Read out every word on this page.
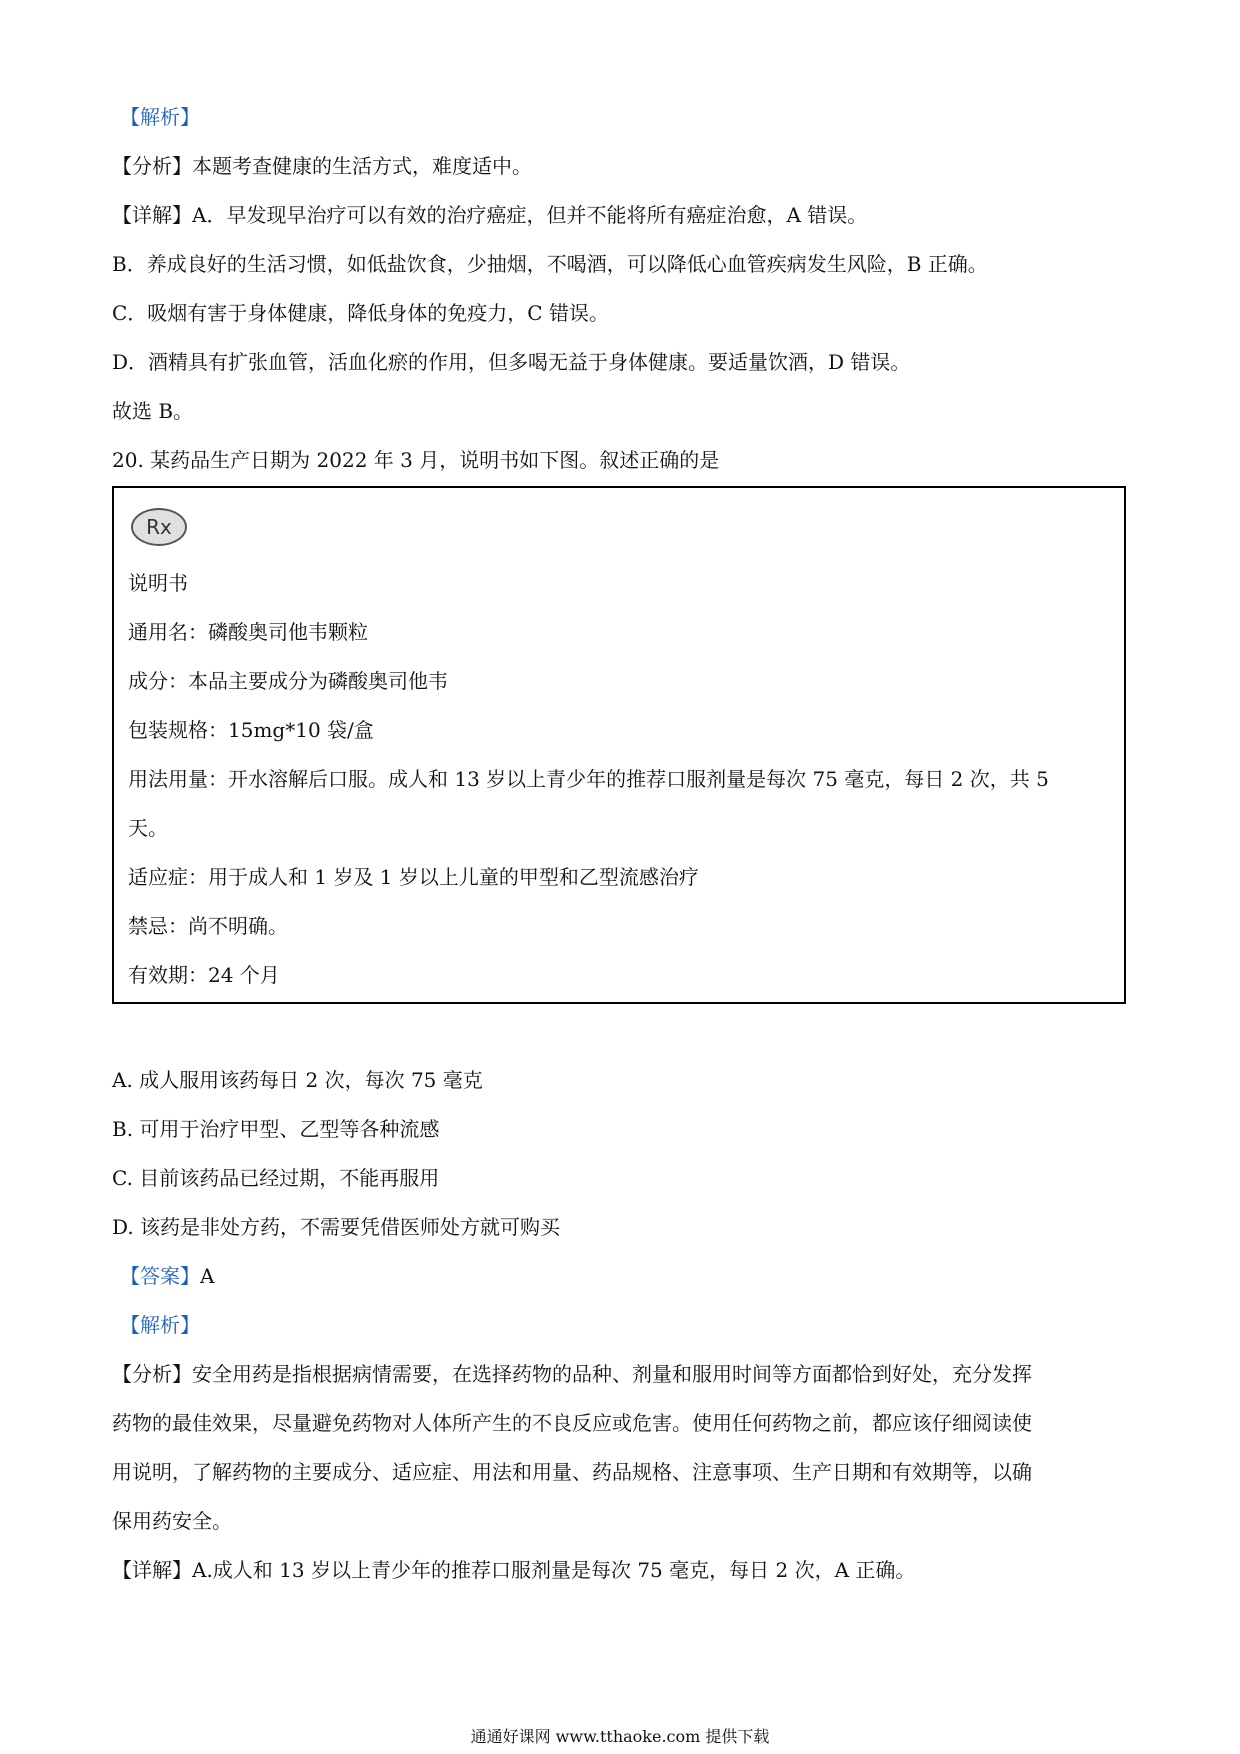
【解析】
【分析】本题考查健康的生活方式，难度适中。
【详解】A．早发现早治疗可以有效的治疗癌症，但并不能将所有癌症治愈，A 错误。
B．养成良好的生活习惯，如低盐饮食，少抽烟，不喝酒，可以降低心血管疾病发生风险，B 正确。
C．吸烟有害于身体健康，降低身体的免疫力，C 错误。
D．酒精具有扩张血管，活血化瘀的作用，但多喝无益于身体健康。要适量饮酒，D 错误。
故选 B。
20. 某药品生产日期为 2022 年 3 月，说明书如下图。叙述正确的是
Rx
说明书
通用名：磷酸奥司他韦颗粒
成分：本品主要成分为磷酸奥司他韦
包装规格：15mg*10 袋/盒
用法用量：开水溶解后口服。成人和 13 岁以上青少年的推荐口服剂量是每次 75 毫克，每日 2 次，共 5
天。
适应症：用于成人和 1 岁及 1 岁以上儿童的甲型和乙型流感治疗
禁忌：尚不明确。
有效期：24 个月
A. 成人服用该药每日 2 次，每次 75 毫克
B. 可用于治疗甲型、乙型等各种流感
C. 目前该药品已经过期，不能再服用
D. 该药是非处方药，不需要凭借医师处方就可购买
【答案】A
【解析】
【分析】安全用药是指根据病情需要，在选择药物的品种、剂量和服用时间等方面都恰到好处，充分发挥
药物的最佳效果，尽量避免药物对人体所产生的不良反应或危害。使用任何药物之前，都应该仔细阅读使
用说明，了解药物的主要成分、适应症、用法和用量、药品规格、注意事项、生产日期和有效期等，以确
保用药安全。
【详解】A.成人和 13 岁以上青少年的推荐口服剂量是每次 75 毫克，每日 2 次，A 正确。
通通好课网 www.tthaoke.com 提供下载
